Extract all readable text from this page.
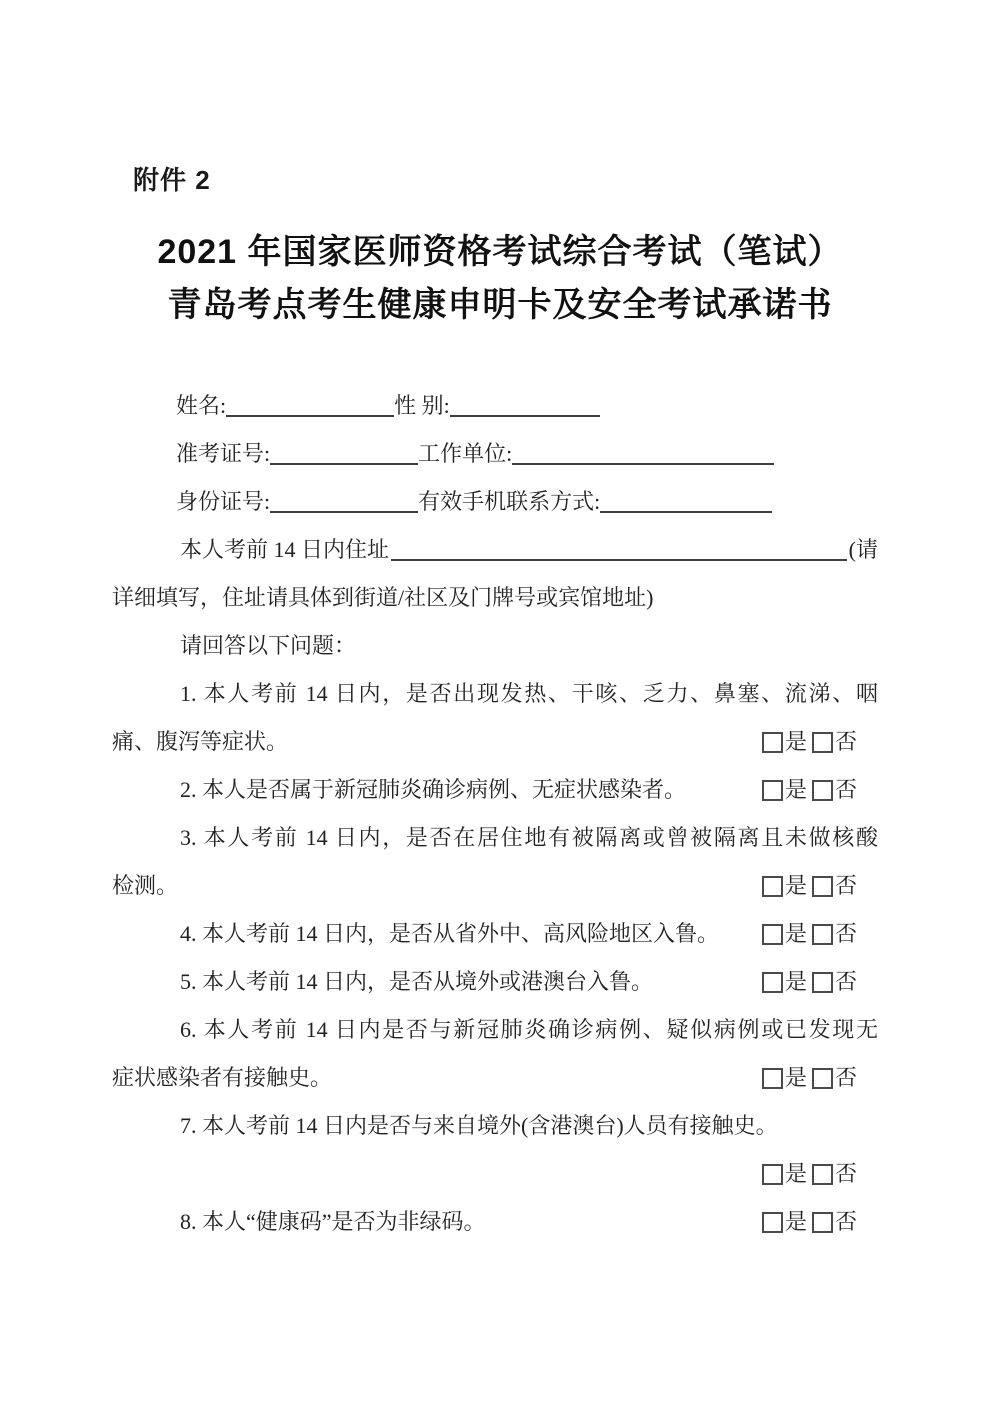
附件 2
2021 年国家医师资格考试综合考试（笔试）
青岛考点考生健康申明卡及安全考试承诺书
姓名:	性 别:
准考证号:	工作单位:
身份证号:	有效手机联系方式:
本人考前 14 日内住址	(请
详细填写，住址请具体到街道/社区及门牌号或宾馆地址)
请回答以下问题：
1. 本人考前 14 日内，是否出现发热、干咳、乏力、鼻塞、流涕、咽
痛、腹泻等症状。	是 否
2. 本人是否属于新冠肺炎确诊病例、无症状感染者。	是 否
3. 本人考前 14 日内，是否在居住地有被隔离或曾被隔离且未做核酸
检测。	是 否
4. 本人考前 14 日内，是否从省外中、高风险地区入鲁。	是 否
5. 本人考前 14 日内，是否从境外或港澳台入鲁。	是 否
6. 本人考前 14 日内是否与新冠肺炎确诊病例、疑似病例或已发现无
症状感染者有接触史。	是 否
7. 本人考前 14 日内是否与来自境外(含港澳台)人员有接触史。
是 否
8. 本人“健康码”是否为非绿码。	是 否
